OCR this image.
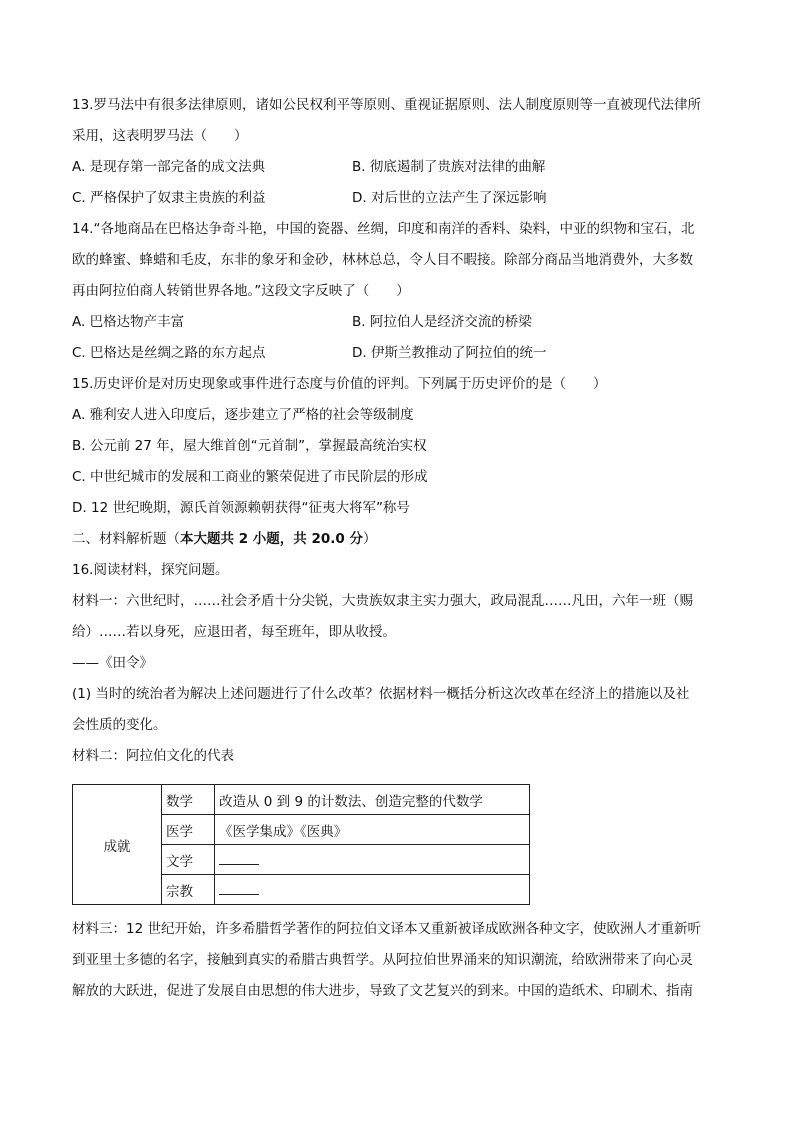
13.罗马法中有很多法律原则，诸如公民权利平等原则、重视证据原则、法人制度原则等一直被现代法律所
采用，这表明罗马法（　　）
A. 是现存第一部完备的成文法典	B. 彻底遏制了贵族对法律的曲解
C. 严格保护了奴隶主贵族的利益	D. 对后世的立法产生了深远影响
14.“各地商品在巴格达争奇斗艳，中国的瓷器、丝绸，印度和南洋的香料、染料，中亚的织物和宝石，北
欧的蜂蜜、蜂蜡和毛皮，东非的象牙和金砂，林林总总，令人目不暇接。除部分商品当地消费外，大多数
再由阿拉伯商人转销世界各地。”这段文字反映了（　　）
A. 巴格达物产丰富	B. 阿拉伯人是经济交流的桥梁
C. 巴格达是丝绸之路的东方起点	D. 伊斯兰教推动了阿拉伯的统一
15.历史评价是对历史现象或事件进行态度与价值的评判。下列属于历史评价的是（　　）
A. 雅利安人进入印度后，逐步建立了严格的社会等级制度
B. 公元前 27 年，屋大维首创“元首制”，掌握最高统治实权
C. 中世纪城市的发展和工商业的繁荣促进了市民阶层的形成
D. 12 世纪晚期，源氏首领源赖朝获得“征夷大将军”称号
二、材料解析题（本大题共 2 小题，共 20.0 分）
16.阅读材料，探究问题。
材料一：六世纪时，……社会矛盾十分尖锐，大贵族奴隶主实力强大，政局混乱……凡田，六年一班（赐
给）……若以身死，应退田者，每至班年，即从收授。
——《田令》
(1) 当时的统治者为解决上述问题进行了什么改革？依据材料一概括分析这次改革在经济上的措施以及社
会性质的变化。
材料二：阿拉伯文化的代表
成就	数学	改造从 0 到 9 的计数法、创造完整的代数学
	医学	《医学集成》《医典》
	文学	
	宗教	
材料三：12 世纪开始，许多希腊哲学著作的阿拉伯文译本又重新被译成欧洲各种文字，使欧洲人才重新听
到亚里士多德的名字，接触到真实的希腊古典哲学。从阿拉伯世界涌来的知识潮流，给欧洲带来了向心灵
解放的大跃进，促进了发展自由思想的伟大进步，导致了文艺复兴的到来。中国的造纸术、印刷术、指南
